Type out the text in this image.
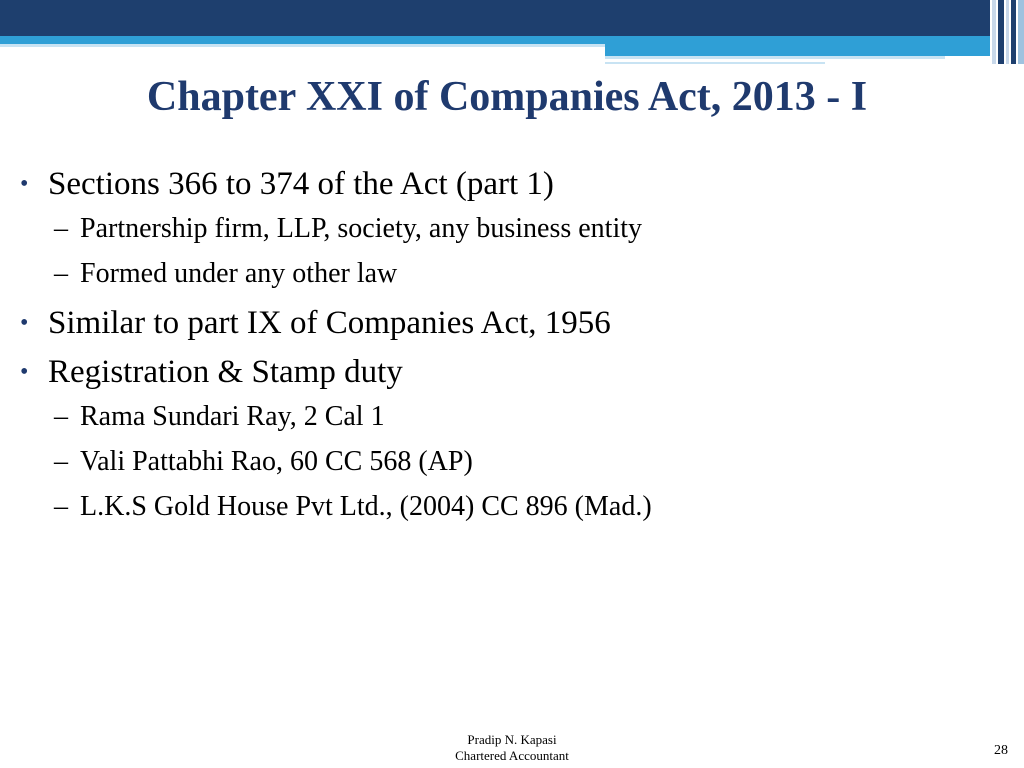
Chapter XXI of Companies Act, 2013 - I
• Sections 366 to 374 of the Act (part 1)
– Partnership firm, LLP, society, any business entity
– Formed under any other law
• Similar to part IX of Companies Act, 1956
• Registration & Stamp duty
– Rama Sundari Ray, 2 Cal 1
– Vali Pattabhi Rao, 60 CC 568 (AP)
– L.K.S Gold House Pvt Ltd., (2004) CC 896 (Mad.)
Pradip N. Kapasi
Chartered Accountant	28
